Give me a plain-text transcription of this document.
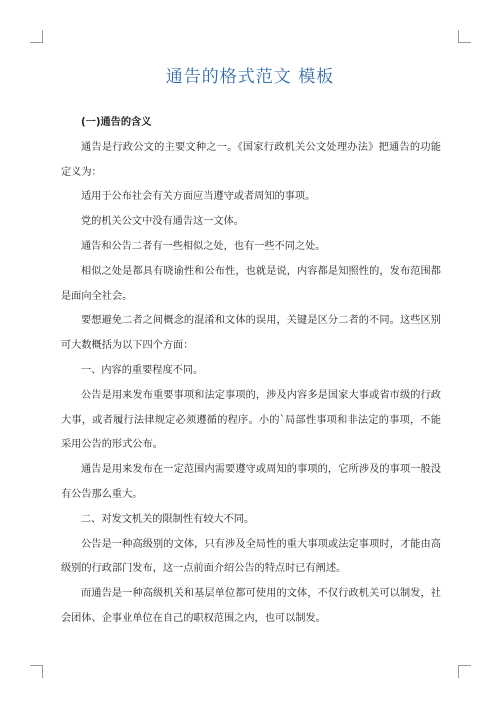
通告的格式范文 模板

(一)通告的含义

通告是行政公文的主要文种之一。《国家行政机关公文处理办法》把通告的功能定义为：

适用于公布社会有关方面应当遵守或者周知的事项。

党的机关公文中没有通告这一文体。

通告和公告二者有一些相似之处，也有一些不同之处。

相似之处是都具有晓谕性和公布性，也就是说，内容都是知照性的，发布范围都是面向全社会。

要想避免二者之间概念的混淆和文体的误用，关键是区分二者的不同。这些区别可大数概括为以下四个方面：

一、内容的重要程度不同。

公告是用来发布重要事项和法定事项的，涉及内容多是国家大事或省市级的行政大事，或者履行法律规定必须遵循的程序。小的`局部性事项和非法定的事项，不能采用公告的形式公布。

通告是用来发布在一定范围内需要遵守或周知的事项的，它所涉及的事项一般没有公告那么重大。

二、对发文机关的限制性有较大不同。

公告是一种高级别的文体，只有涉及全局性的重大事项或法定事项时，才能由高级别的行政部门发布，这一点前面介绍公告的特点时已有阐述。

而通告是一种高级机关和基层单位都可使用的文体，不仅行政机关可以制发，社会团体、企事业单位在自己的职权范围之内，也可以制发。
